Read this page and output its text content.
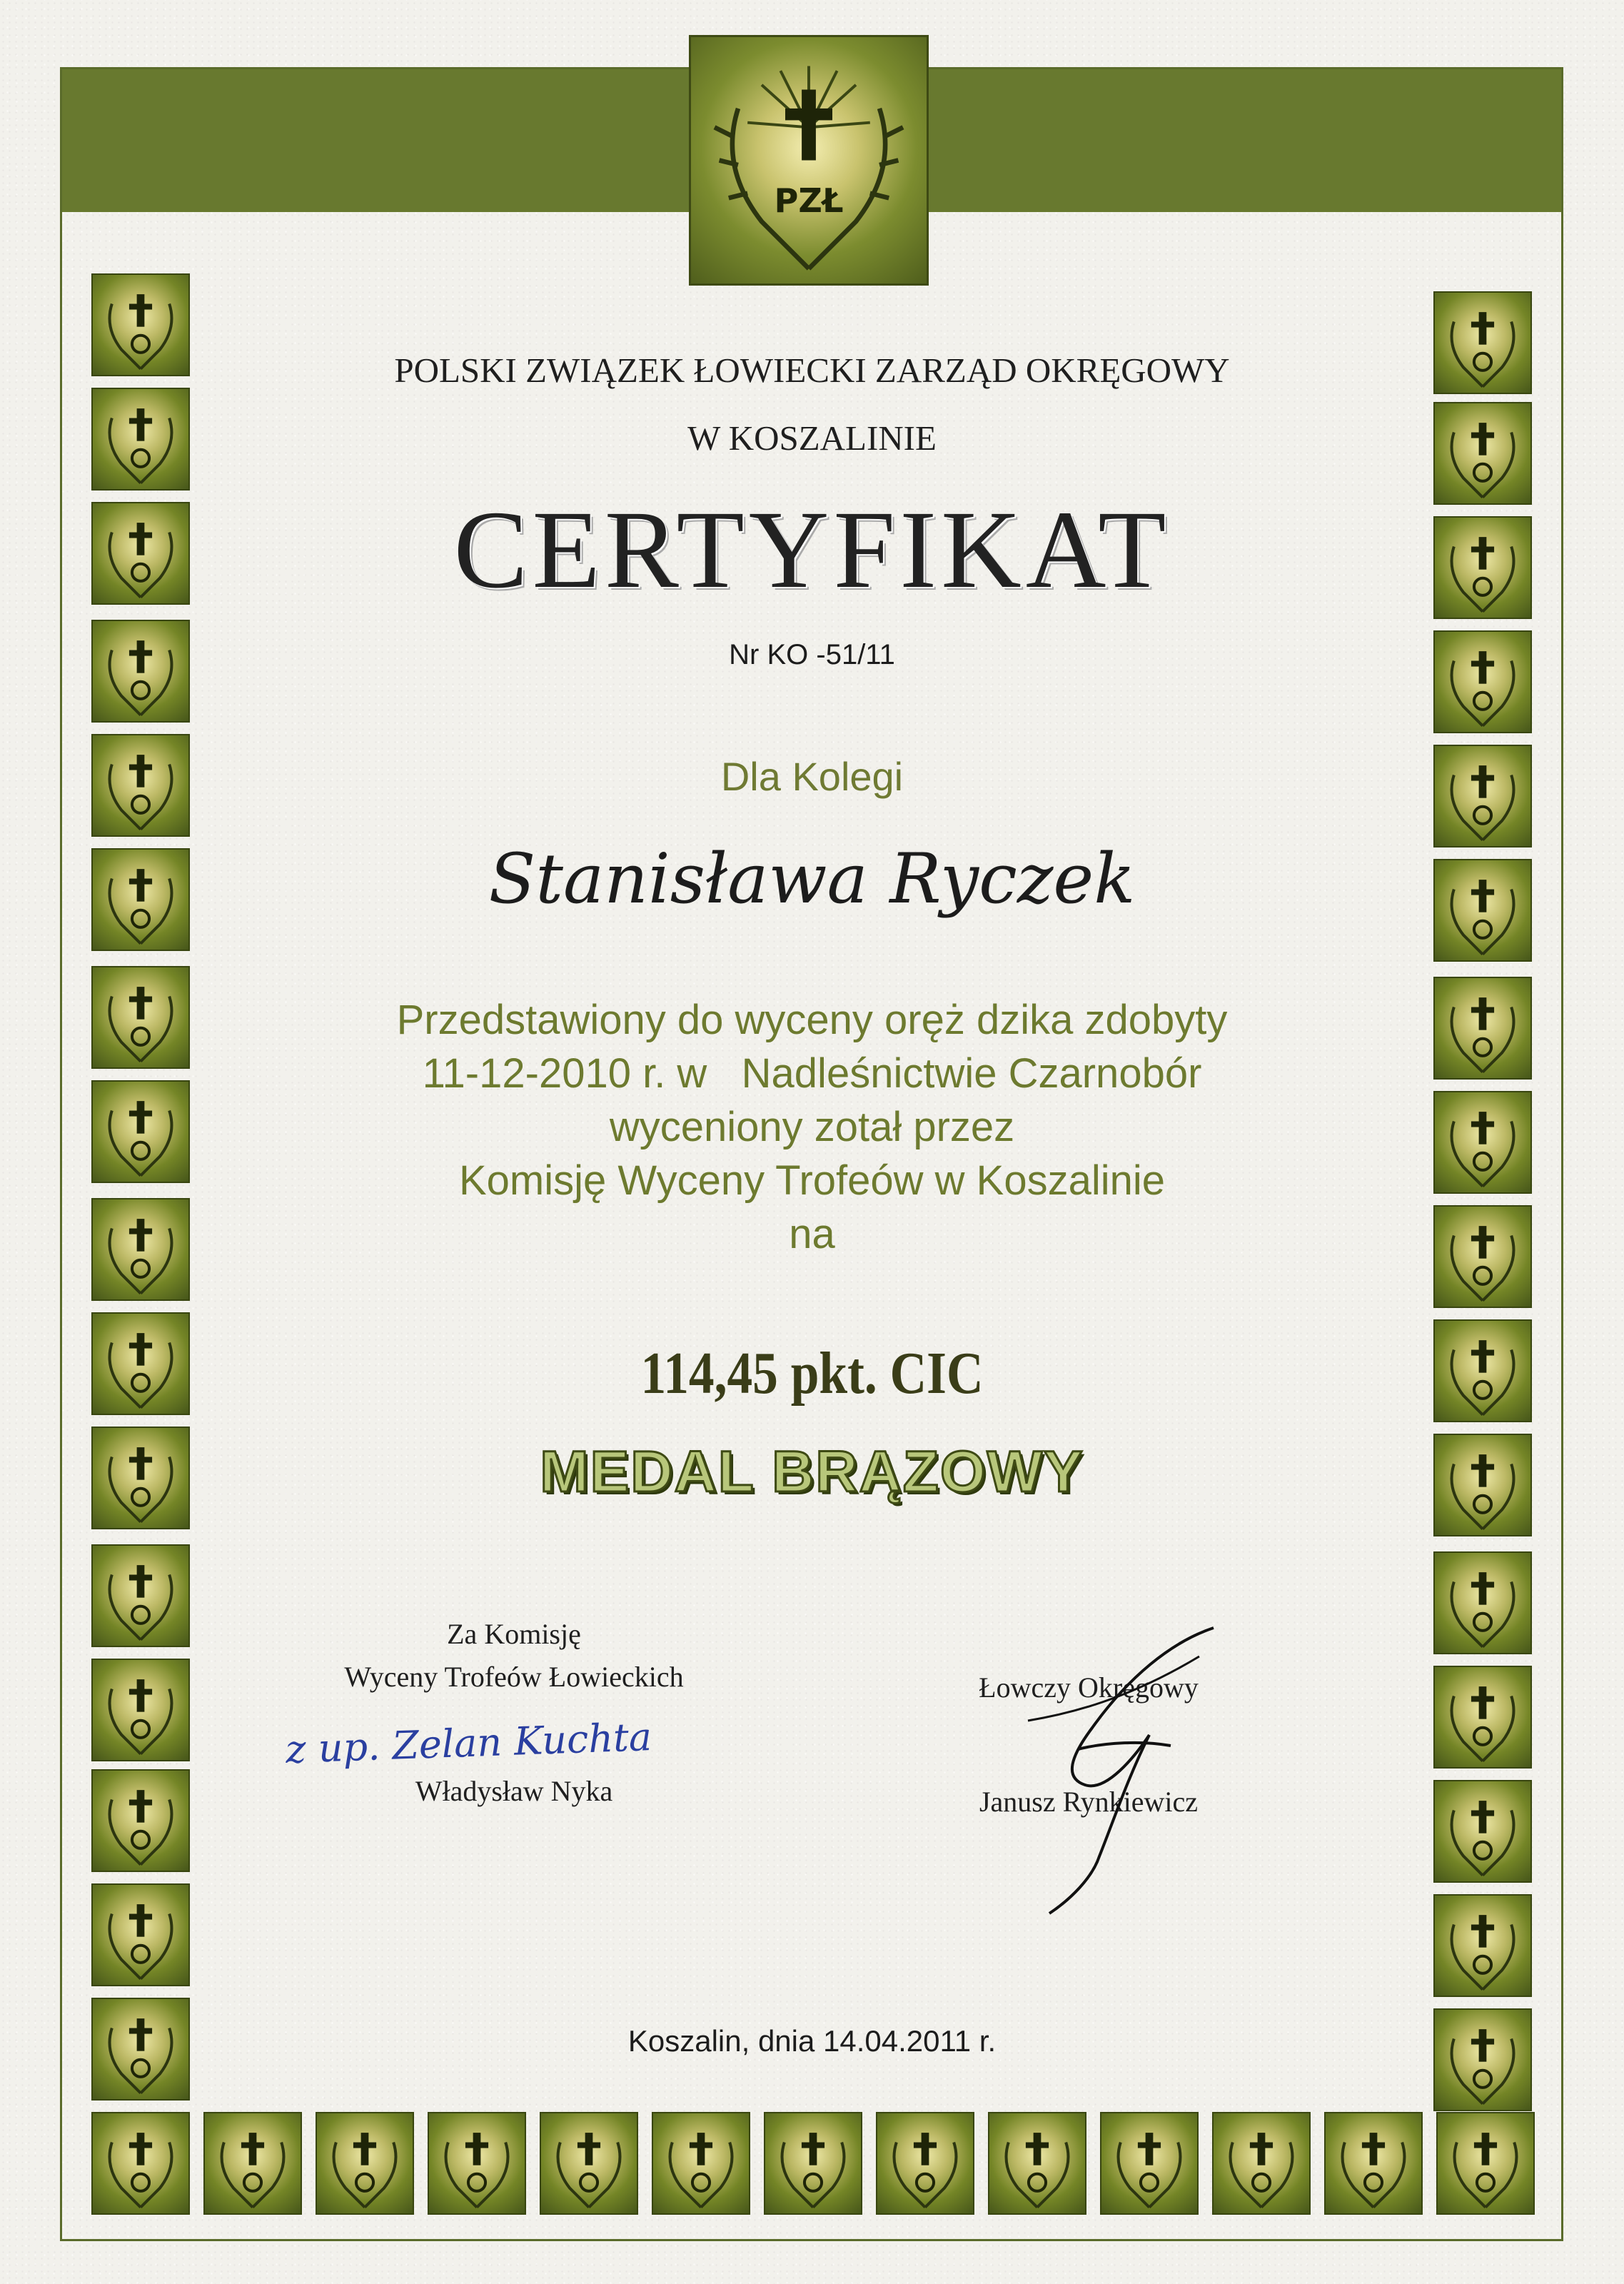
PZŁ

POLSKI ZWIĄZEK ŁOWIECKI ZARZĄD OKRĘGOWY

W KOSZALINIE

CERTYFIKAT

Nr KO -51/11

Dla Kolegi

Stanisława Ryczek

Przedstawiony do wyceny oręż dzika zdobyty

11-12-2010 r. w   Nadleśnictwie Czarnobór

wyceniony zotał przez

Komisję Wyceny Trofeów w Koszalinie

na

114,45 pkt. CIC

MEDAL BRĄZOWY

Za Komisję

Wyceny Trofeów Łowieckich

z up. Zelan Kuchta

Władysław Nyka

Łowczy Okręgowy

Janusz Rynkiewicz

Koszalin, dnia 14.04.2011 r.
